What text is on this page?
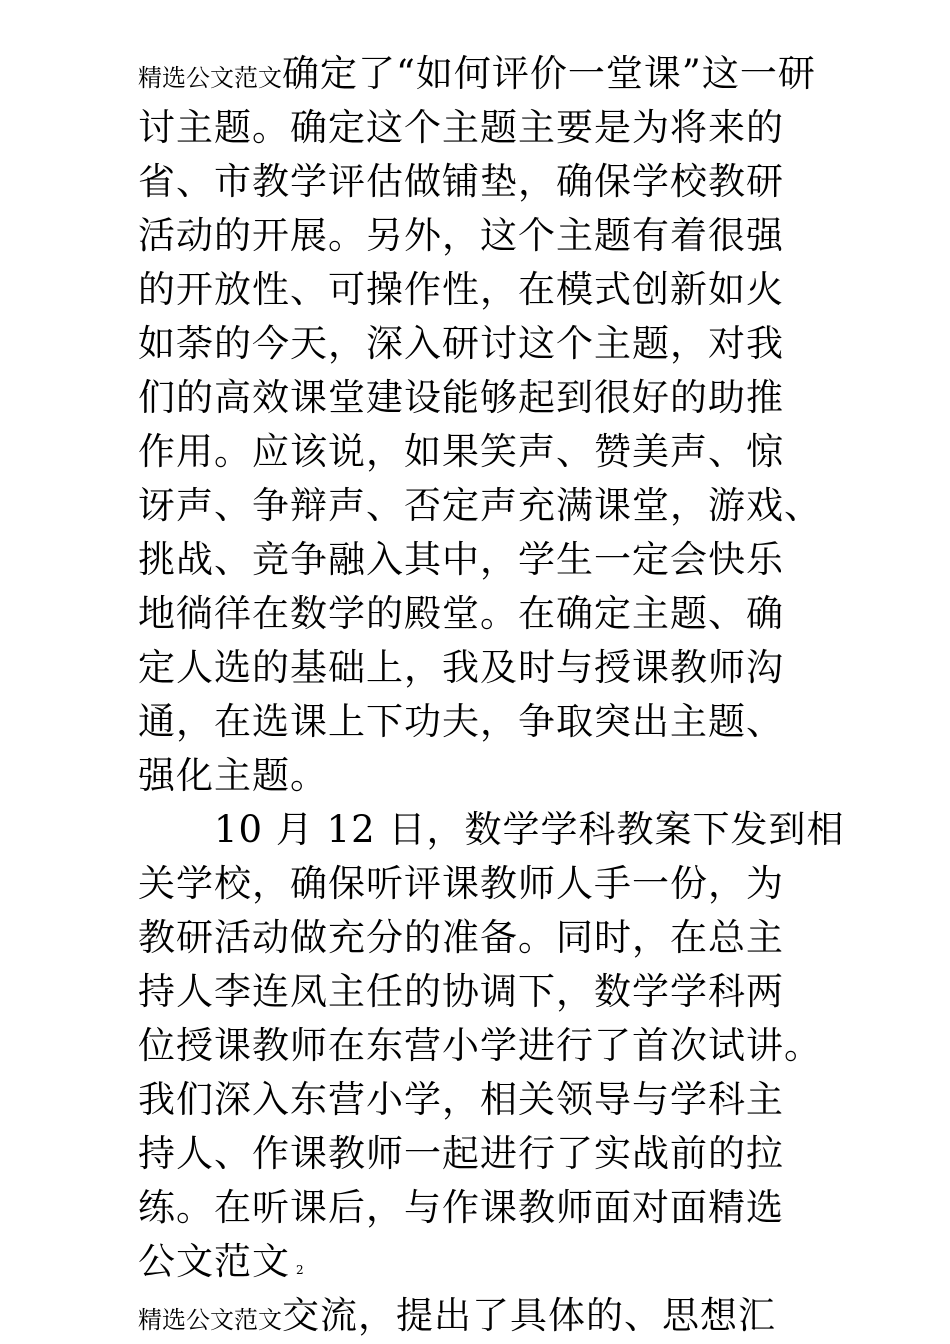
精选公文范文确定了“如何评价一堂课”这一研
讨主题。确定这个主题主要是为将来的
省、市教学评估做铺垫，确保学校教研
活动的开展。另外，这个主题有着很强
的开放性、可操作性，在模式创新如火
如荼的今天，深入研讨这个主题，对我
们的高效课堂建设能够起到很好的助推
作用。应该说，如果笑声、赞美声、惊
讶声、争辩声、否定声充满课堂，游戏、
挑战、竞争融入其中，学生一定会快乐
地徜徉在数学的殿堂。在确定主题、确
定人选的基础上，我及时与授课教师沟
通，在选课上下功夫，争取突出主题、
强化主题。
10 月 12 日，数学学科教案下发到相
关学校，确保听评课教师人手一份，为
教研活动做充分的准备。同时，在总主
持人李连凤主任的协调下，数学学科两
位授课教师在东营小学进行了首次试讲。
我们深入东营小学，相关领导与学科主
持人、作课教师一起进行了实战前的拉
练。在听课后，与作课教师面对面精选
公文范文 2
精选公文范文交流，提出了具体的、思想汇
